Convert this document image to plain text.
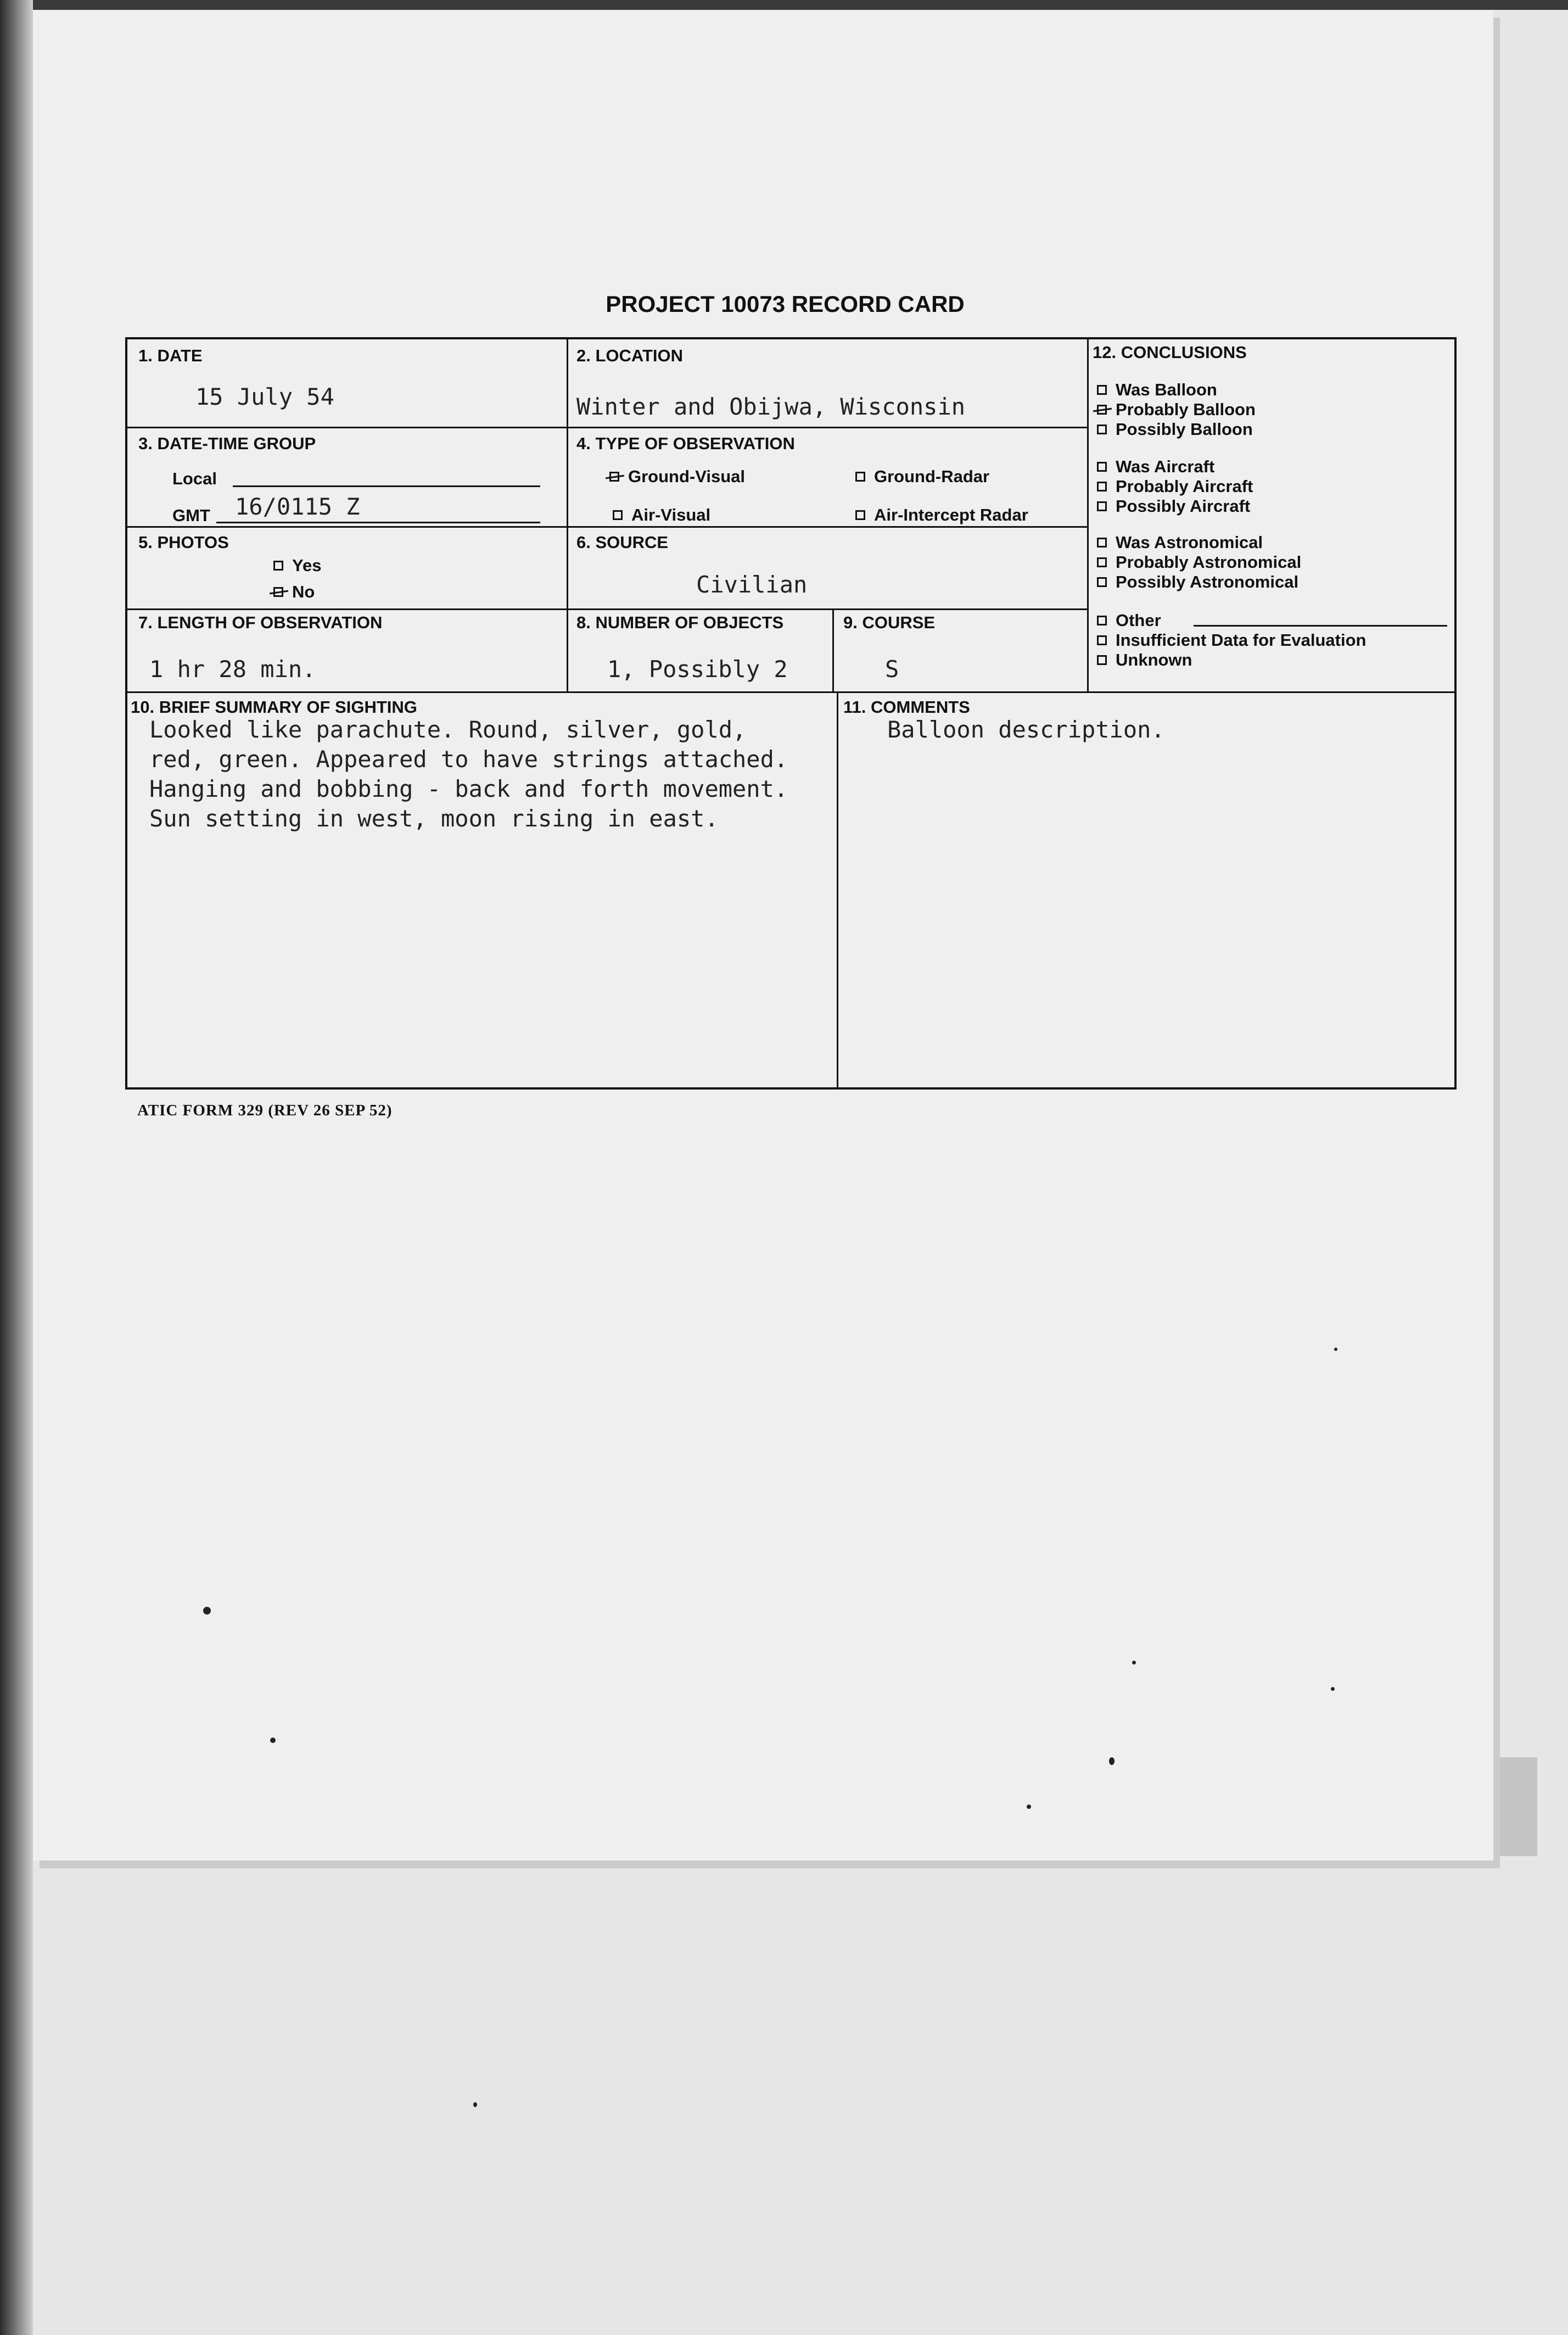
PROJECT 10073 RECORD CARD
1. DATE
15 July 54
2. LOCATION
Winter and Obijwa, Wisconsin
3. DATE-TIME GROUP
Local
GMT 16/0115 Z
4. TYPE OF OBSERVATION
Ground-Visual	Ground-Radar
Air-Visual	Air-Intercept Radar
5. PHOTOS
Yes
No
6. SOURCE
Civilian
7. LENGTH OF OBSERVATION
1 hr 28 min.
8. NUMBER OF OBJECTS
1, Possibly 2
9. COURSE
S
10. BRIEF SUMMARY OF SIGHTING
Looked like parachute. Round, silver, gold,
red, green. Appeared to have strings attached.
Hanging and bobbing - back and forth movement.
Sun setting in west, moon rising in east.
11. COMMENTS
Balloon description.
12. CONCLUSIONS
Was Balloon
Probably Balloon
Possibly Balloon
Was Aircraft
Probably Aircraft
Possibly Aircraft
Was Astronomical
Probably Astronomical
Possibly Astronomical
Other
Insufficient Data for Evaluation
Unknown
ATIC FORM 329 (REV 26 SEP 52)
